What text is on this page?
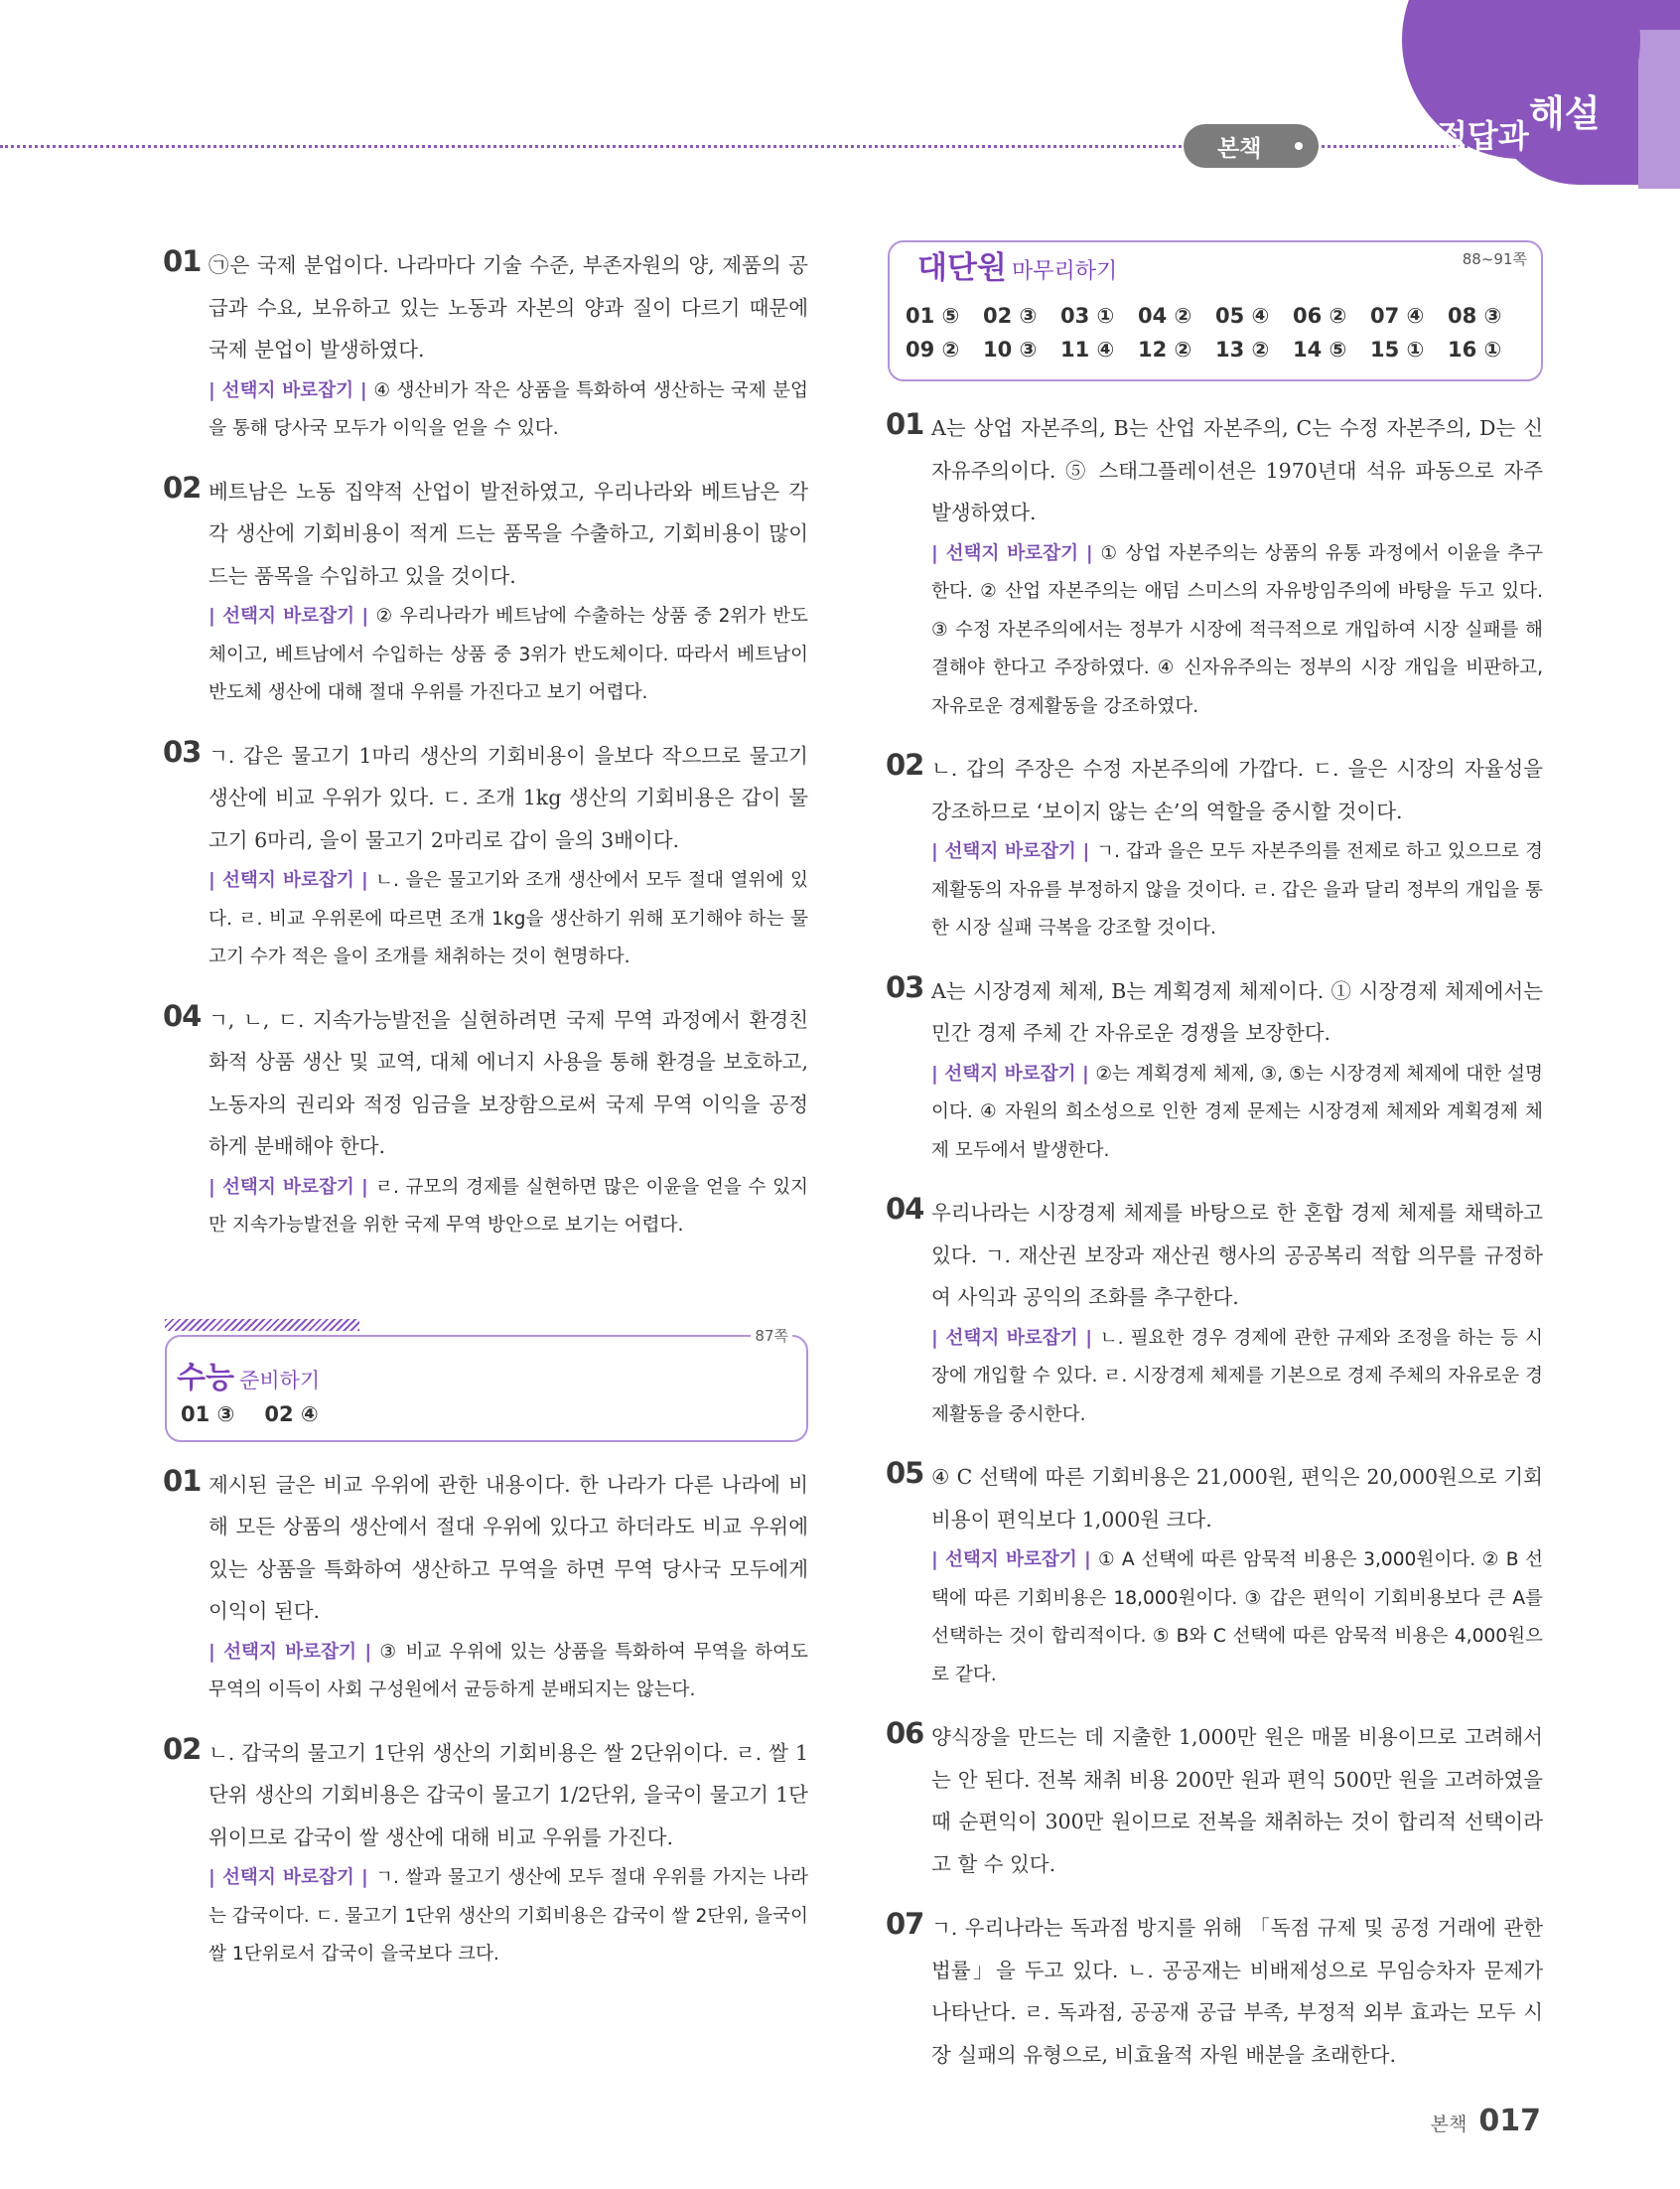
본책	정답과
해설
01 ㉠은 국제 분업이다. 나라마다 기술 수준, 부존자원의 양, 제품의 공급과 수요, 보유하고 있는 노동과 자본의 양과 질이 다르기 때문에 국제 분업이 발생하였다.
| 선택지 바로잡기 | ④ 생산비가 작은 상품을 특화하여 생산하는 국제 분업을 통해 당사국 모두가 이익을 얻을 수 있다.
02 베트남은 노동 집약적 산업이 발전하였고, 우리나라와 베트남은 각각 생산에 기회비용이 적게 드는 품목을 수출하고, 기회비용이 많이 드는 품목을 수입하고 있을 것이다.
| 선택지 바로잡기 | ② 우리나라가 베트남에 수출하는 상품 중 2위가 반도체이고, 베트남에서 수입하는 상품 중 3위가 반도체이다. 따라서 베트남이 반도체 생산에 대해 절대 우위를 가진다고 보기 어렵다.
03 ㄱ. 갑은 물고기 1마리 생산의 기회비용이 을보다 작으므로 물고기 생산에 비교 우위가 있다. ㄷ. 조개 1kg 생산의 기회비용은 갑이 물고기 6마리, 을이 물고기 2마리로 갑이 을의 3배이다.
| 선택지 바로잡기 | ㄴ. 을은 물고기와 조개 생산에서 모두 절대 열위에 있다. ㄹ. 비교 우위론에 따르면 조개 1kg을 생산하기 위해 포기해야 하는 물고기 수가 적은 을이 조개를 채취하는 것이 현명하다.
04 ㄱ, ㄴ, ㄷ. 지속가능발전을 실현하려면 국제 무역 과정에서 환경친화적 상품 생산 및 교역, 대체 에너지 사용을 통해 환경을 보호하고, 노동자의 권리와 적정 임금을 보장함으로써 국제 무역 이익을 공정하게 분배해야 한다.
| 선택지 바로잡기 | ㄹ. 규모의 경제를 실현하면 많은 이윤을 얻을 수 있지만 지속가능발전을 위한 국제 무역 방안으로 보기는 어렵다.
수능 준비하기
87쪽
01 ③ 02 ④
01 제시된 글은 비교 우위에 관한 내용이다. 한 나라가 다른 나라에 비해 모든 상품의 생산에서 절대 우위에 있다고 하더라도 비교 우위에 있는 상품을 특화하여 생산하고 무역을 하면 무역 당사국 모두에게 이익이 된다.
| 선택지 바로잡기 | ③ 비교 우위에 있는 상품을 특화하여 무역을 하여도 무역의 이득이 사회 구성원에서 균등하게 분배되지는 않는다.
02 ㄴ. 갑국의 물고기 1단위 생산의 기회비용은 쌀 2단위이다. ㄹ. 쌀 1단위 생산의 기회비용은 갑국이 물고기 1/2단위, 을국이 물고기 1단위이므로 갑국이 쌀 생산에 대해 비교 우위를 가진다.
| 선택지 바로잡기 | ㄱ. 쌀과 물고기 생산에 모두 절대 우위를 가지는 나라는 갑국이다. ㄷ. 물고기 1단위 생산의 기회비용은 갑국이 쌀 2단위, 을국이 쌀 1단위로서 갑국이 을국보다 크다.
대단원 마무리하기	88~91쪽
01 ⑤	02 ③	03 ①	04 ②	05 ④	06 ②	07 ④	08 ③
09 ②	10 ③	11 ④	12 ②	13 ②	14 ⑤	15 ①	16 ①
01 A는 상업 자본주의, B는 산업 자본주의, C는 수정 자본주의, D는 신자유주의이다. ⑤ 스태그플레이션은 1970년대 석유 파동으로 자주 발생하였다.
| 선택지 바로잡기 | ① 상업 자본주의는 상품의 유통 과정에서 이윤을 추구한다. ② 산업 자본주의는 애덤 스미스의 자유방임주의에 바탕을 두고 있다. ③ 수정 자본주의에서는 정부가 시장에 적극적으로 개입하여 시장 실패를 해결해야 한다고 주장하였다. ④ 신자유주의는 정부의 시장 개입을 비판하고, 자유로운 경제활동을 강조하였다.
02 ㄴ. 갑의 주장은 수정 자본주의에 가깝다. ㄷ. 을은 시장의 자율성을 강조하므로 ‘보이지 않는 손’의 역할을 중시할 것이다.
| 선택지 바로잡기 | ㄱ. 갑과 을은 모두 자본주의를 전제로 하고 있으므로 경제활동의 자유를 부정하지 않을 것이다. ㄹ. 갑은 을과 달리 정부의 개입을 통한 시장 실패 극복을 강조할 것이다.
03 A는 시장경제 체제, B는 계획경제 체제이다. ① 시장경제 체제에서는 민간 경제 주체 간 자유로운 경쟁을 보장한다.
| 선택지 바로잡기 | ②는 계획경제 체제, ③, ⑤는 시장경제 체제에 대한 설명이다. ④ 자원의 희소성으로 인한 경제 문제는 시장경제 체제와 계획경제 체제 모두에서 발생한다.
04 우리나라는 시장경제 체제를 바탕으로 한 혼합 경제 체제를 채택하고 있다. ㄱ. 재산권 보장과 재산권 행사의 공공복리 적합 의무를 규정하여 사익과 공익의 조화를 추구한다.
| 선택지 바로잡기 | ㄴ. 필요한 경우 경제에 관한 규제와 조정을 하는 등 시장에 개입할 수 있다. ㄹ. 시장경제 체제를 기본으로 경제 주체의 자유로운 경제활동을 중시한다.
05 ④ C 선택에 따른 기회비용은 21,000원, 편익은 20,000원으로 기회비용이 편익보다 1,000원 크다.
| 선택지 바로잡기 | ① A 선택에 따른 암묵적 비용은 3,000원이다. ② B 선택에 따른 기회비용은 18,000원이다. ③ 갑은 편익이 기회비용보다 큰 A를 선택하는 것이 합리적이다. ⑤ B와 C 선택에 따른 암묵적 비용은 4,000원으로 같다.
06 양식장을 만드는 데 지출한 1,000만 원은 매몰 비용이므로 고려해서는 안 된다. 전복 채취 비용 200만 원과 편익 500만 원을 고려하였을 때 순편익이 300만 원이므로 전복을 채취하는 것이 합리적 선택이라고 할 수 있다.
07 ㄱ. 우리나라는 독과점 방지를 위해 「독점 규제 및 공정 거래에 관한 법률」을 두고 있다. ㄴ. 공공재는 비배제성으로 무임승차자 문제가 나타난다. ㄹ. 독과점, 공공재 공급 부족, 부정적 외부 효과는 모두 시장 실패의 유형으로, 비효율적 자원 배분을 초래한다.
본책 017
